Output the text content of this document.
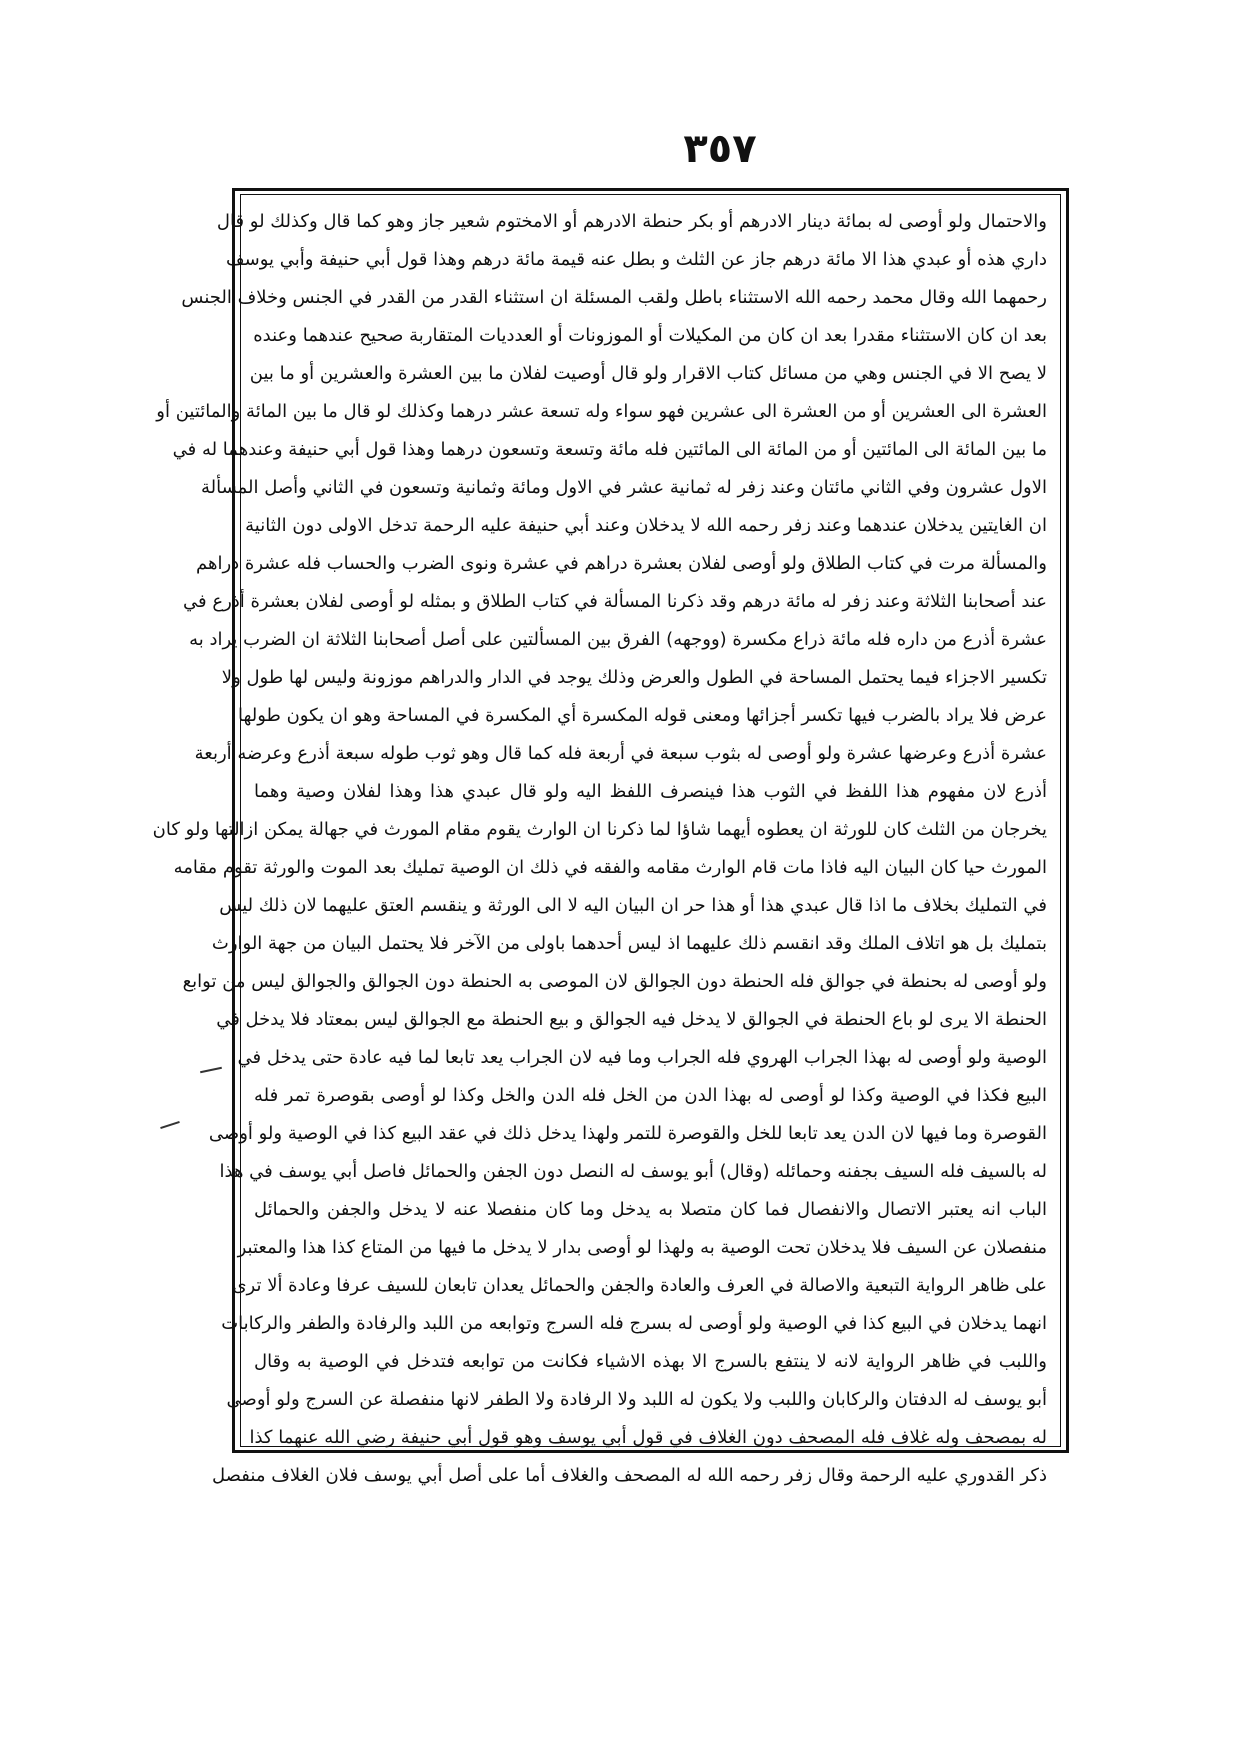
٣٥٧
والاحتمال ولو أوصى له بمائة دينار الادرهم أو بكر حنطة الادرهم أو الامختوم شعير جاز وهو كما قال وكذلك لو قال
داري هذه أو عبدي هذا الا مائة درهم جاز عن الثلث و بطل عنه قيمة مائة درهم وهذا قول أبي حنيفة وأبي يوسف
رحمهما الله وقال محمد رحمه الله الاستثناء باطل ولقب المسئلة ان استثناء القدر من القدر في الجنس وخلاف الجنس
بعد ان كان الاستثناء مقدرا بعد ان كان من المكيلات أو الموزونات أو العدديات المتقاربة صحيح عندهما وعنده
لا يصح الا في الجنس وهي من مسائل كتاب الاقرار ولو قال أوصيت لفلان ما بين العشرة والعشرين أو ما بين
العشرة الى العشرين أو من العشرة الى عشرين فهو سواء وله تسعة عشر درهما وكذلك لو قال ما بين المائة والمائتين أو
ما بين المائة الى المائتين أو من المائة الى المائتين فله مائة وتسعة وتسعون درهما وهذا قول أبي حنيفة وعندهما له في
الاول عشرون وفي الثاني مائتان وعند زفر له ثمانية عشر في الاول ومائة وثمانية وتسعون في الثاني وأصل المسألة
ان الغايتين يدخلان عندهما وعند زفر رحمه الله لا يدخلان وعند أبي حنيفة عليه الرحمة تدخل الاولى دون الثانية
والمسألة مرت في كتاب الطلاق ولو أوصى لفلان بعشرة دراهم في عشرة ونوى الضرب والحساب فله عشرة دراهم
عند أصحابنا الثلاثة وعند زفر له مائة درهم وقد ذكرنا المسألة في كتاب الطلاق و بمثله لو أوصى لفلان بعشرة أذرع في
عشرة أذرع من داره فله مائة ذراع مكسرة (ووجهه) الفرق بين المسألتين على أصل أصحابنا الثلاثة ان الضرب يراد به
تكسير الاجزاء فيما يحتمل المساحة في الطول والعرض وذلك يوجد في الدار والدراهم موزونة وليس لها طول ولا
عرض فلا يراد بالضرب فيها تكسر أجزائها ومعنى قوله المكسرة أي المكسرة في المساحة وهو ان يكون طولها
عشرة أذرع وعرضها عشرة ولو أوصى له بثوب سبعة في أربعة فله كما قال وهو ثوب طوله سبعة أذرع وعرضه أربعة
أذرع لان مفهوم هذا اللفظ في الثوب هذا فينصرف اللفظ اليه ولو قال عبدي هذا وهذا لفلان وصية وهما
يخرجان من الثلث كان للورثة ان يعطوه أيهما شاؤا لما ذكرنا ان الوارث يقوم مقام المورث في جهالة يمكن ازالتها ولو كان
المورث حيا كان البيان اليه فاذا مات قام الوارث مقامه والفقه في ذلك ان الوصية تمليك بعد الموت والورثة تقوم مقامه
في التمليك بخلاف ما اذا قال عبدي هذا أو هذا حر ان البيان اليه لا الى الورثة و ينقسم العتق عليهما لان ذلك ليس
بتمليك بل هو اتلاف الملك وقد انقسم ذلك عليهما اذ ليس أحدهما باولى من الآخر فلا يحتمل البيان من جهة الوارث
ولو أوصى له بحنطة في جوالق فله الحنطة دون الجوالق لان الموصى به الحنطة دون الجوالق والجوالق ليس من توابع
الحنطة الا يرى لو باع الحنطة في الجوالق لا يدخل فيه الجوالق و بيع الحنطة مع الجوالق ليس بمعتاد فلا يدخل في
الوصية ولو أوصى له بهذا الجراب الهروي فله الجراب وما فيه لان الجراب يعد تابعا لما فيه عادة حتى يدخل في
البيع فكذا في الوصية وكذا لو أوصى له بهذا الدن من الخل فله الدن والخل وكذا لو أوصى بقوصرة تمر فله
القوصرة وما فيها لان الدن يعد تابعا للخل والقوصرة للتمر ولهذا يدخل ذلك في عقد البيع كذا في الوصية ولو أوصى
له بالسيف فله السيف بجفنه وحمائله (وقال) أبو يوسف له النصل دون الجفن والحمائل فاصل أبي يوسف في هذا
الباب انه يعتبر الاتصال والانفصال فما كان متصلا به يدخل وما كان منفصلا عنه لا يدخل والجفن والحمائل
منفصلان عن السيف فلا يدخلان تحت الوصية به ولهذا لو أوصى بدار لا يدخل ما فيها من المتاع كذا هذا والمعتبر
على ظاهر الرواية التبعية والاصالة في العرف والعادة والجفن والحمائل يعدان تابعان للسيف عرفا وعادة ألا ترى
انهما يدخلان في البيع كذا في الوصية ولو أوصى له بسرج فله السرج وتوابعه من اللبد والرفادة والطفر والركابات
واللبب في ظاهر الرواية لانه لا ينتفع بالسرج الا بهذه الاشياء فكانت من توابعه فتدخل في الوصية به وقال
أبو يوسف له الدفتان والركابان واللبب ولا يكون له اللبد ولا الرفادة ولا الطفر لانها منفصلة عن السرج ولو أوصى
له بمصحف وله غلاف فله المصحف دون الغلاف في قول أبي يوسف وهو قول أبي حنيفة رضي الله عنهما كذا
ذكر القدوري عليه الرحمة وقال زفر رحمه الله له المصحف والغلاف أما على أصل أبي يوسف فلان الغلاف منفصل
